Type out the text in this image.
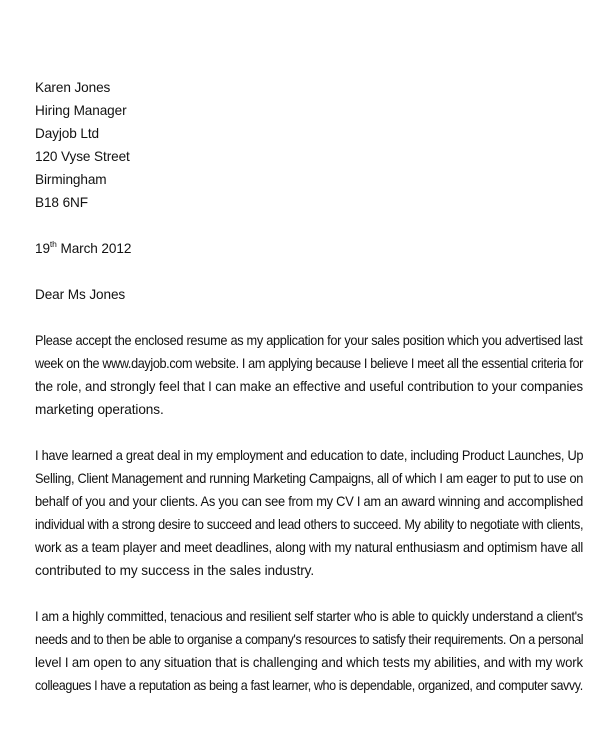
Karen Jones
Hiring Manager
Dayjob Ltd
120 Vyse Street
Birmingham
B18 6NF
19th March 2012
Dear Ms Jones
Please accept the enclosed resume as my application for your sales position which you advertised last week on the www.dayjob.com website. I am applying because I believe I meet all the essential criteria for the role, and strongly feel that I can make an effective and useful contribution to your companies
marketing operations.
I have learned a great deal in my employment and education to date, including Product Launches, Up Selling, Client Management and running Marketing Campaigns, all of which I am eager to put to use on behalf of you and your clients. As you can see from my CV I am an award winning and accomplished individual with a strong desire to succeed and lead others to succeed. My ability to negotiate with clients, work as a team player and meet deadlines, along with my natural enthusiasm and optimism have all
contributed to my success in the sales industry.
I am a highly committed, tenacious and resilient self starter who is able to quickly understand a client's needs and to then be able to organise a company's resources to satisfy their requirements. On a personal level I am open to any situation that is challenging and which tests my abilities, and with my work colleagues I have a reputation as being a fast learner, who is dependable, organized, and computer savvy.
